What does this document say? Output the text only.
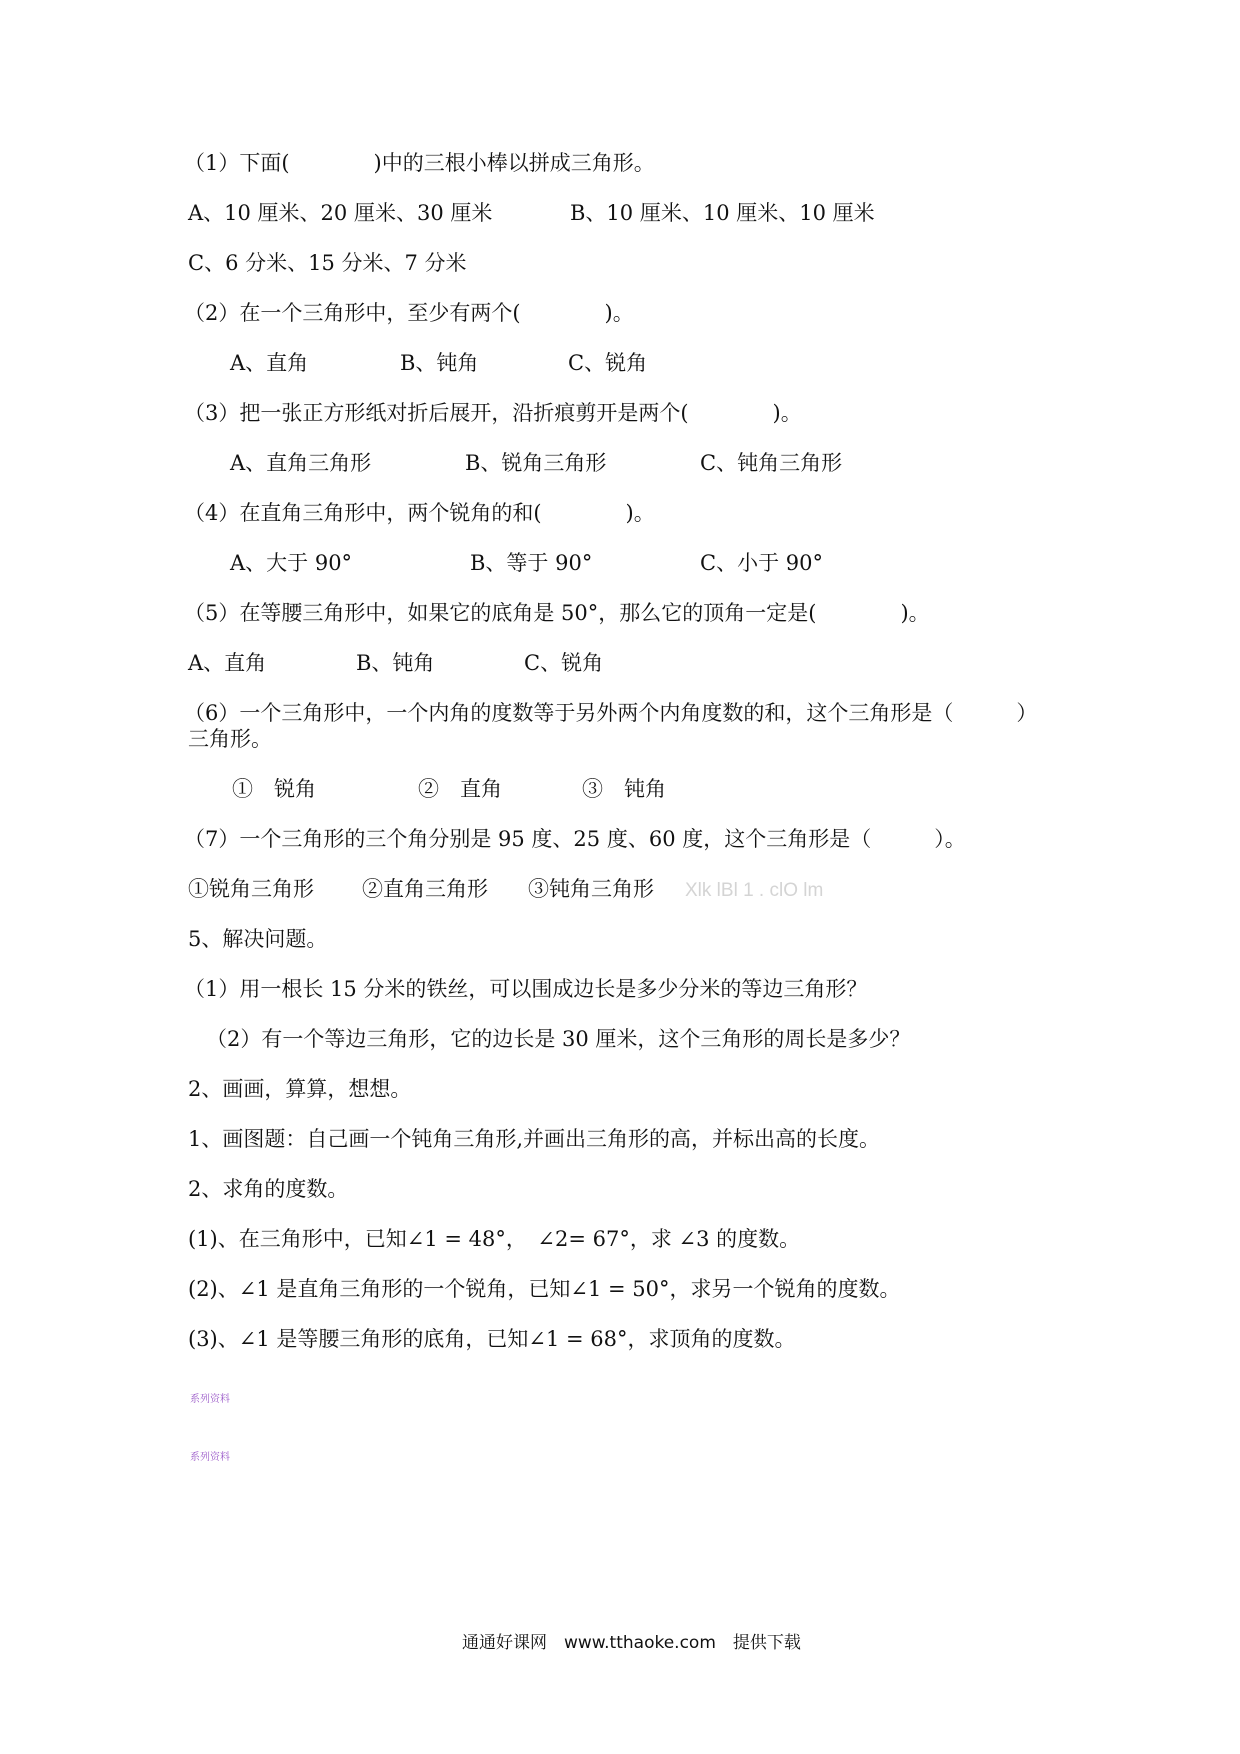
（1）下面(　　　　)中的三根小棒以拼成三角形。
A、10 厘米、20 厘米、30 厘米	B、10 厘米、10 厘米、10 厘米
C、6 分米、15 分米、7 分米
（2）在一个三角形中，至少有两个(　　　　)。
A、直角	B、钝角	C、锐角
（3）把一张正方形纸对折后展开，沿折痕剪开是两个(　　　　)。
A、直角三角形	B、锐角三角形	C、钝角三角形
（4）在直角三角形中，两个锐角的和(　　　　)。
A、大于 90°	B、等于 90°	C、小于 90°
（5）在等腰三角形中，如果它的底角是 50°，那么它的顶角一定是(　　　　)。
A、直角	B、钝角	C、锐角
（6）一个三角形中，一个内角的度数等于另外两个内角度数的和，这个三角形是（　　　）
三角形。
①　锐角	②　直角	③　钝角
（7）一个三角形的三个角分别是 95 度、25 度、60 度，这个三角形是（　　　）。
①锐角三角形 ②直角三角形 ③钝角三角形 Xlk lBl 1 . clO lm
5、解决问题。
（1）用一根长 15 分米的铁丝，可以围成边长是多少分米的等边三角形？
（2）有一个等边三角形，它的边长是 30 厘米，这个三角形的周长是多少？
2、画画，算算，想想。
1、画图题：自己画一个钝角三角形,并画出三角形的高，并标出高的长度。
2、求角的度数。
(1)、在三角形中，已知∠1 = 48°，　∠2= 67°，求 ∠3 的度数。
(2)、∠1 是直角三角形的一个锐角，已知∠1 = 50°，求另一个锐角的度数。
(3)、∠1 是等腰三角形的底角，已知∠1 = 68°，求顶角的度数。
系列资料
系列资料
通通好课网　www.tthaoke.com　提供下载
